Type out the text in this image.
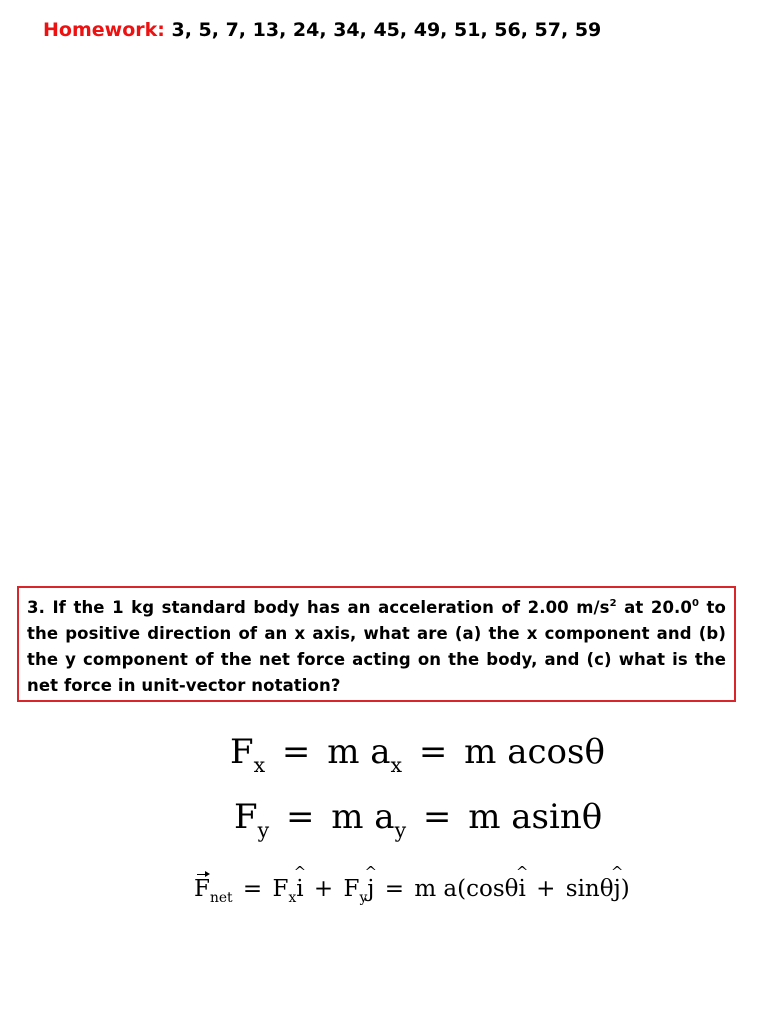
Homework: 3, 5, 7, 13, 24, 34, 45, 49, 51, 56, 57, 59
3. If the 1 kg standard body has an acceleration of 2.00 $m/s^2$ at 20.0$^0$ to the positive direction of an x axis, what are (a) the x component and (b) the y component of the net force acting on the body, and (c) what is the net force in unit-vector notation?
$F_x = m$ $a_x = m$ acosθ
$F_y = m$ $a_y = m$ asinθ
$F_{net} = F_xi$ ^ + $F_yj$ ^ = m a(cosθi ^ + sinθj ^)
